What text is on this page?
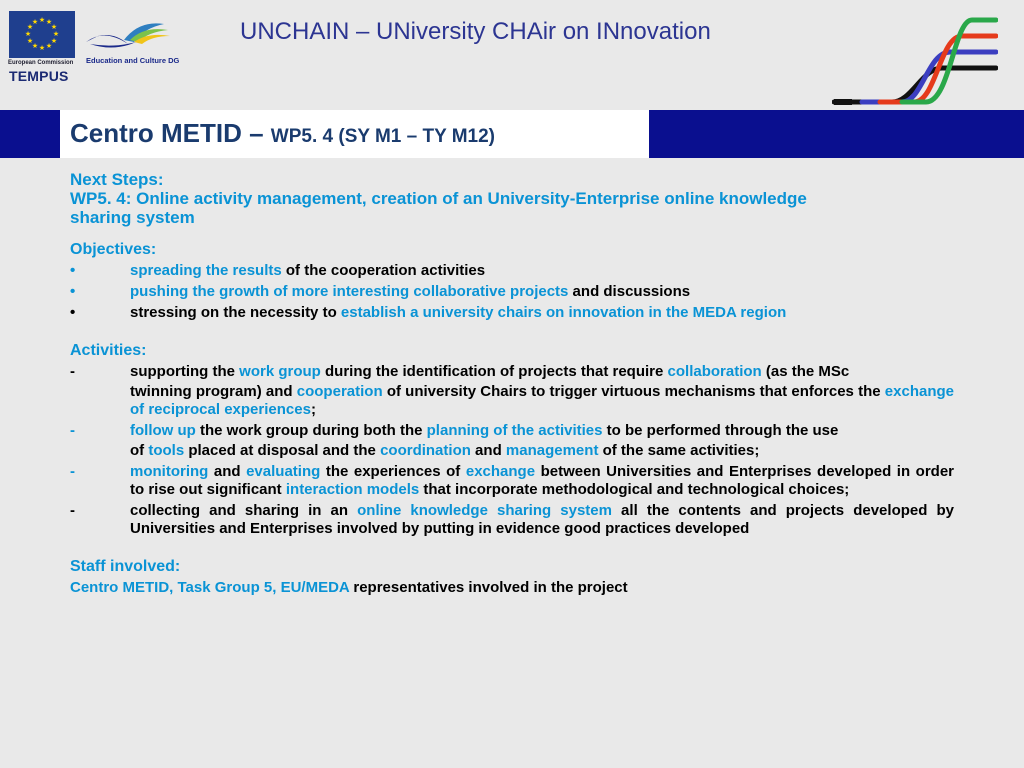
★ ★
★
★
★
★
★
★
★
★
★
★
European Commission
TEMPUS
Education and Culture DG
UNCHAIN – UNiversity CHAir on INnovation
Centro METID – WP5. 4 (SY M1 – TY M12)
Next Steps:
WP5. 4: Online activity management, creation of an University-Enterprise online knowledge sharing system
Objectives:
•	spreading the results of the cooperation activities
•	pushing the growth of more interesting collaborative projects and discussions
•	stressing on the necessity to establish a university chairs on innovation in the MEDA region
Activities:
-	supporting the work group during the identification of projects that require collaboration (as the MSc
twinning program) and cooperation of university Chairs to trigger virtuous mechanisms that enforces the exchange of reciprocal experiences;
-	follow up the work group during both the planning of the activities to be performed through the use
of tools placed at disposal and the coordination and management of the same activities;
-	monitoring and evaluating the experiences of exchange between Universities and Enterprises developed in order to rise out significant interaction models that incorporate methodological and technological choices;
-	collecting and sharing in an online knowledge sharing system all the contents and projects developed by Universities and Enterprises involved by putting in evidence good practices developed
Staff involved:
Centro METID, Task Group 5, EU/MEDA representatives involved in the project
